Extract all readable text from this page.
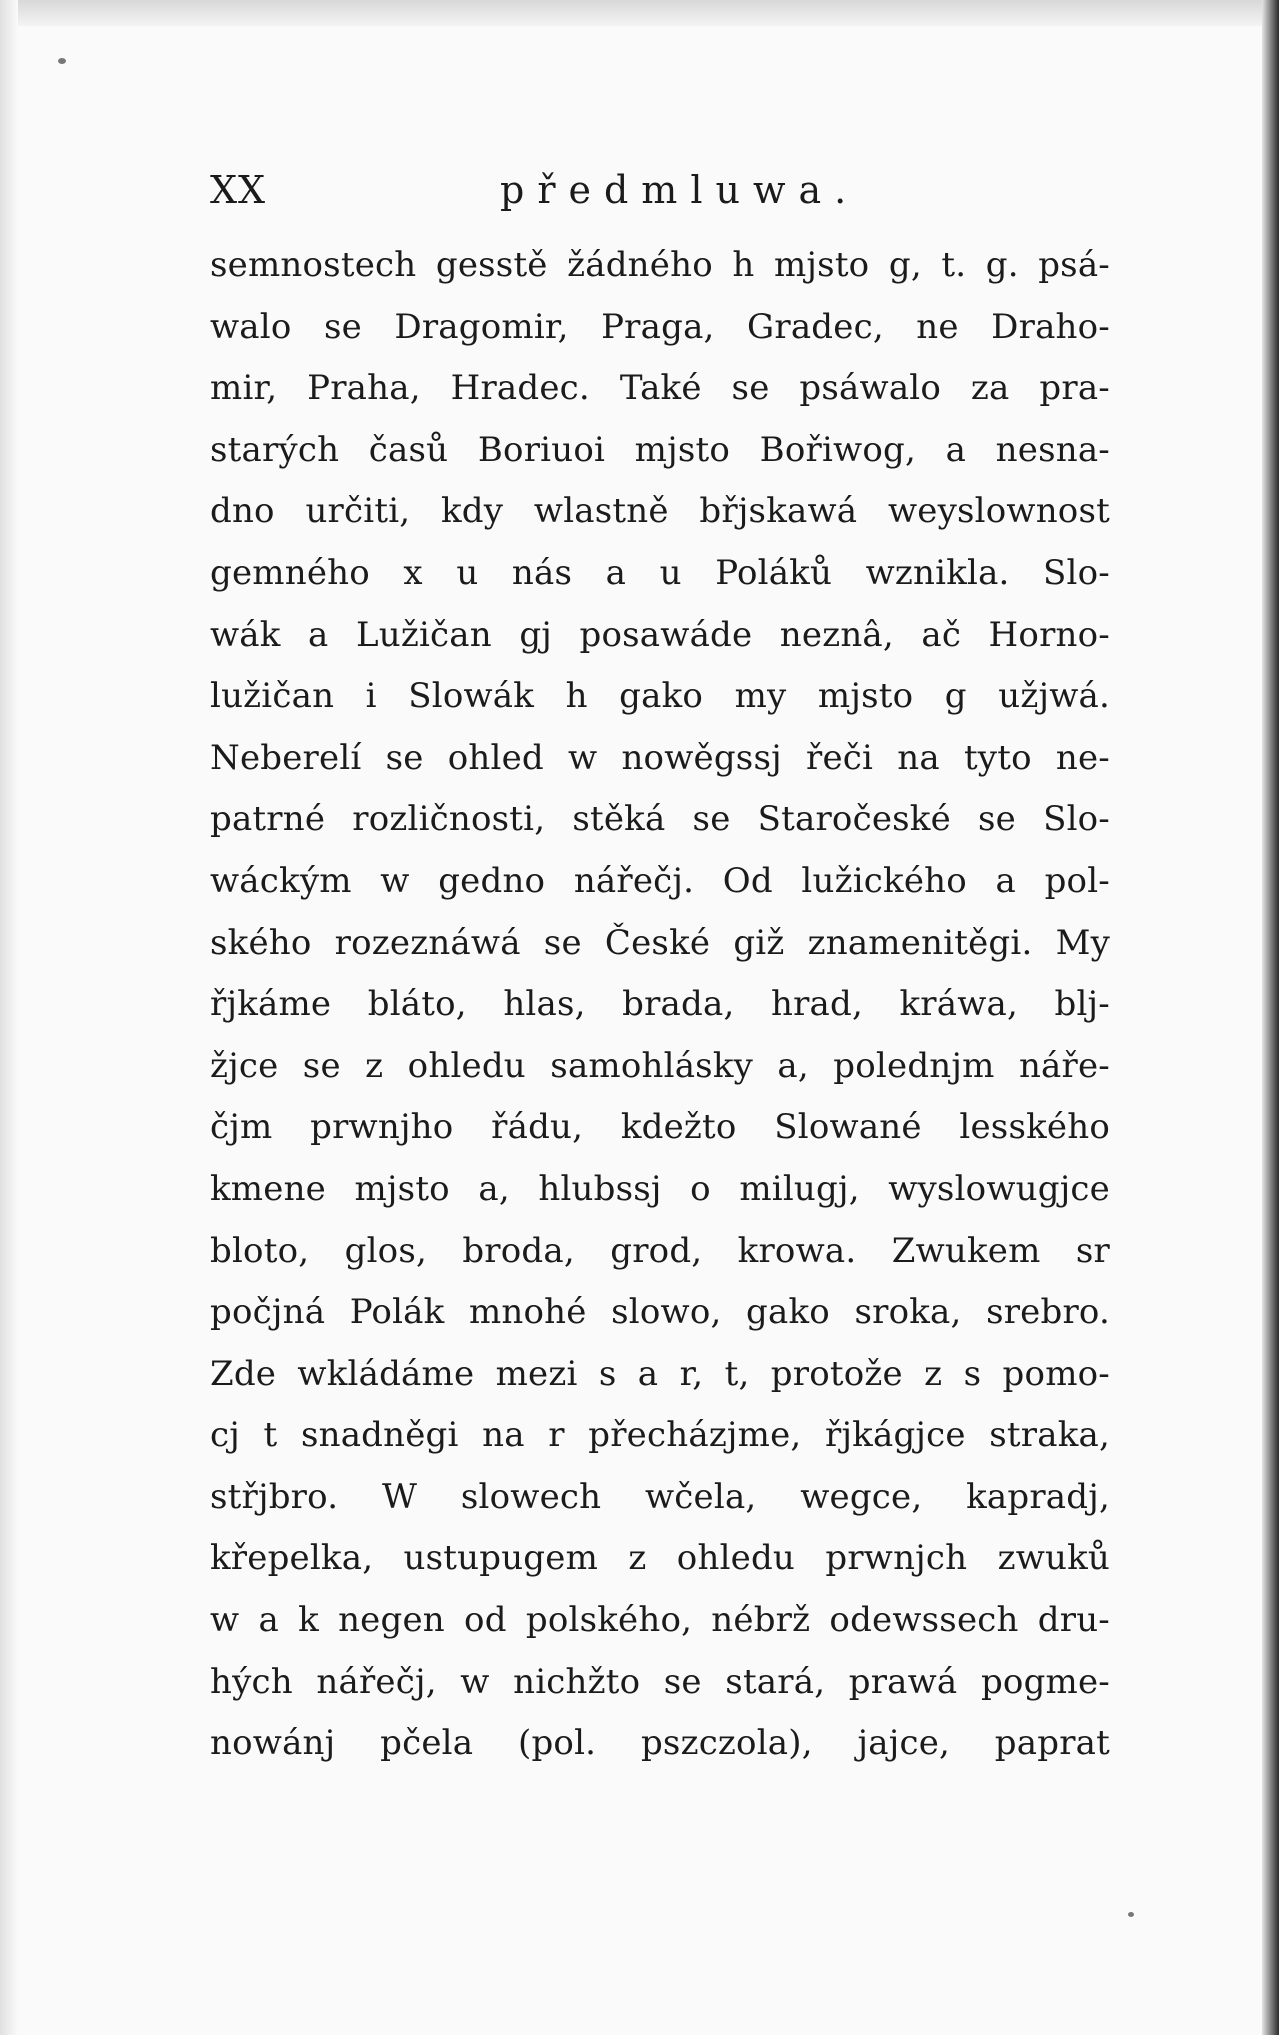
XX	předmluwa.
semnostech gesstě žádného h mjsto g, t. g. psá-
walo se Dragomir, Praga, Gradec, ne Draho-
mir, Praha, Hradec. Také se psáwalo za pra-
starých časů Boriuoi mjsto Bořiwog, a nesna-
dno určiti, kdy wlastně břjskawá weyslownost
gemného x u nás a u Poláků wznikla. Slo-
wák a Lužičan gj posawáde neznâ, ač Horno-
lužičan i Slowák h gako my mjsto g užjwá.
Neberelí se ohled w nowěgssj řeči na tyto ne-
patrné rozličnosti, stěká se Staročeské se Slo-
wáckým w gedno nářečj. Od lužického a pol-
ského rozeznáwá se České giž znamenitěgi. My
řjkáme bláto, hlas, brada, hrad, kráwa, blj-
žjce se z ohledu samohlásky a, polednjm náře-
čjm prwnjho řádu, kdežto Slowané lesského
kmene mjsto a, hlubssj o milugj, wyslowugjce
bloto, glos, broda, grod, krowa. Zwukem sr
počjná Polák mnohé slowo, gako sroka, srebro.
Zde wkládáme mezi s a r, t, protože z s pomo-
cj t snadněgi na r přecházjme, řjkágjce straka,
střjbro. W slowech wčela, wegce, kapradj,
křepelka, ustupugem z ohledu prwnjch zwuků
w a k negen od polského, nébrž odewssech dru-
hých nářečj, w nichžto se stará, prawá pogme-
nowánj pčela (pol. pszczola), jajce, paprat
